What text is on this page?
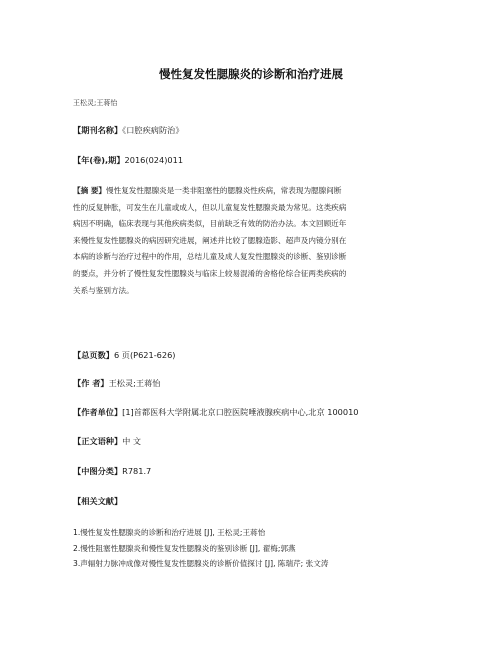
慢性复发性腮腺炎的诊断和治疗进展
王松灵;王蒋怡
【期刊名称】《口腔疾病防治》
【年(卷),期】2016(024)011
【摘 要】慢性复发性腮腺炎是一类非阻塞性的腮腺炎性疾病，常表现为腮腺间断
性的反复肿胀，可发生在儿童或成人，但以儿童复发性腮腺炎最为常见。这类疾病
病因不明确，临床表现与其他疾病类似，目前缺乏有效的防治办法。本文回顾近年
来慢性复发性腮腺炎的病因研究进展，阐述并比较了腮腺造影、超声及内镜分别在
本病的诊断与治疗过程中的作用，总结儿童及成人复发性腮腺炎的诊断、鉴别诊断
的要点，并分析了慢性复发性腮腺炎与临床上较易混淆的舍格伦综合征两类疾病的
关系与鉴别方法。
【总页数】6 页(P621-626)
【作 者】王松灵;王蒋怡
【作者单位】[1]首都医科大学附属北京口腔医院唾液腺疾病中心,北京 100010
【正文语种】中 文
【中图分类】R781.7
【相关文献】
1.慢性复发性腮腺炎的诊断和治疗进展 [J], 王松灵;王蒋怡
2.慢性阻塞性腮腺炎和慢性复发性腮腺炎的鉴别诊断 [J], 翟梅;郭燕
3.声辐射力脉冲成像对慢性复发性腮腺炎的诊断价值探讨 [J], 陈瑞芹; 张文涛
